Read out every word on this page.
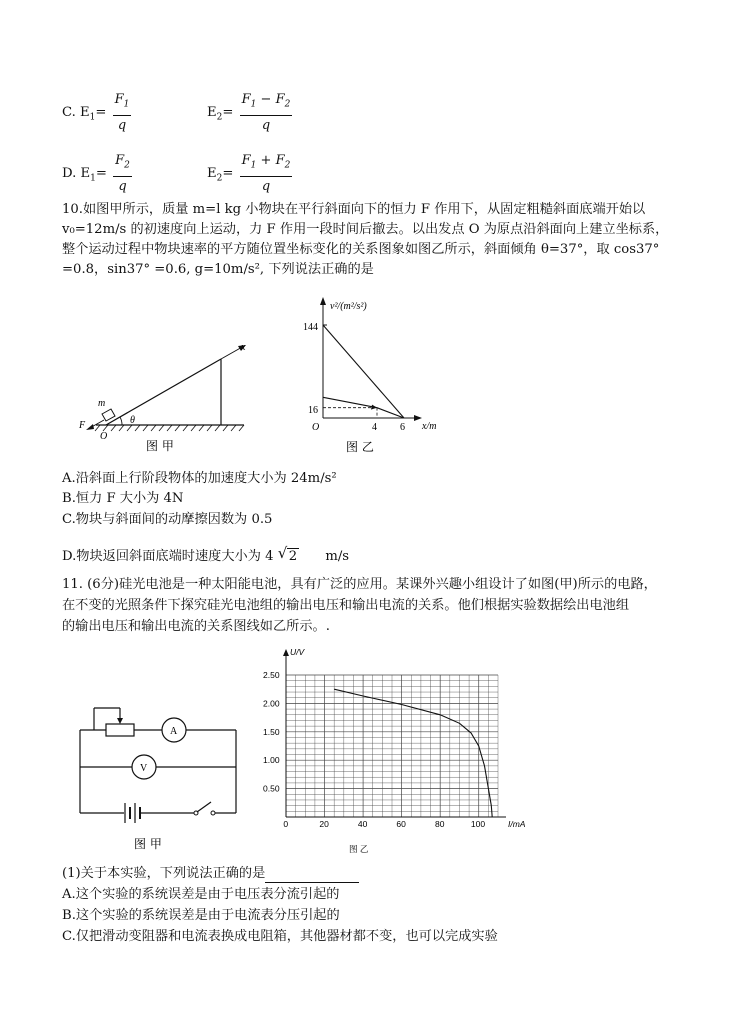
C. $E_1= \frac{F_1}{q}$	$E_2= \frac{F_1 - F_2}{q}$
D. $E_1= \frac{F_2}{q}$	$E_2= \frac{F_1 + F_2}{q}$
10.如图甲所示，质量 m=l kg 小物块在平行斜面向下的恒力 F 作用下，从固定粗糙斜面底端开始以
v₀=12m/s 的初速度向上运动，力 F 作用一段时间后撤去。以出发点 O 为原点沿斜面向上建立坐标系，
整个运动过程中物块速率的平方随位置坐标变化的关系图象如图乙所示，斜面倾角 θ=37°，取 cos37°
=0.8，sin37° =0.6, g=10m/s², 下列说法正确的是
x
m
F
O
θ
图 甲
v²/(m²/s²)
x/m
O
144
16
4 6
图 乙
A.沿斜面上行阶段物体的加速度大小为 24m/s²
B.恒力 F 大小为 4N
C.物块与斜面间的动摩擦因数为 0.5
D.物块返回斜面底端时速度大小为 4 √ 2 m/s
11. (6分)硅光电池是一种太阳能电池，具有广泛的应用。某课外兴趣小组设计了如图(甲)所示的电路，
在不变的光照条件下探究硅光电池组的输出电压和输出电流的关系。他们根据实验数据绘出电池组
的输出电压和输出电流的关系图线如乙所示。.
A
V
图 甲
U/V
I/mA
0	20	40	60	80	100
0.50
1.00
1.50
2.00
2.50
图 乙
(1)关于本实验，下列说法正确的是
A.这个实验的系统误差是由于电压表分流引起的
B.这个实验的系统误差是由于电流表分压引起的
C.仅把滑动变阻器和电流表换成电阻箱，其他器材都不变，也可以完成实验
